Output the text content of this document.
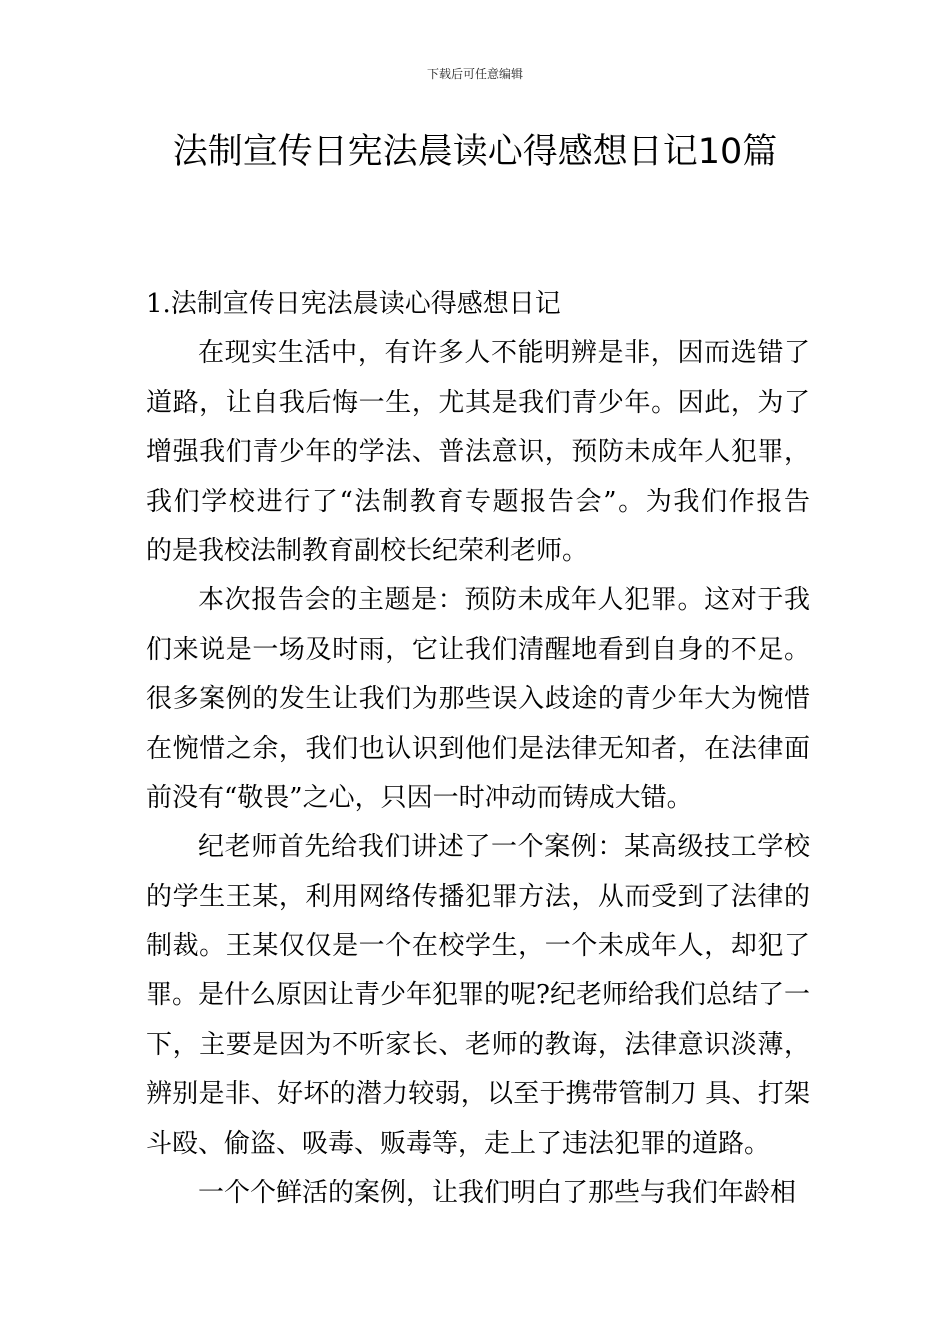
下载后可任意编辑
法制宣传日宪法晨读心得感想日记10篇
1.法制宣传日宪法晨读心得感想日记
在现实生活中，有许多人不能明辨是非，因而选错了
道路，让自我后悔一生，尤其是我们青少年。因此，为了
增强我们青少年的学法、普法意识，预防未成年人犯罪，
我们学校进行了“法制教育专题报告会”。为我们作报告
的是我校法制教育副校长纪荣利老师。
本次报告会的主题是：预防未成年人犯罪。这对于我
们来说是一场及时雨，它让我们清醒地看到自身的不足。
很多案例的发生让我们为那些误入歧途的青少年大为惋惜
在惋惜之余，我们也认识到他们是法律无知者，在法律面
前没有“敬畏”之心，只因一时冲动而铸成大错。
纪老师首先给我们讲述了一个案例：某高级技工学校
的学生王某，利用网络传播犯罪方法，从而受到了法律的
制裁。王某仅仅是一个在校学生，一个未成年人，却犯了
罪。是什么原因让青少年犯罪的呢?纪老师给我们总结了一
下，主要是因为不听家长、老师的教诲，法律意识淡薄，
辨别是非、好坏的潜力较弱，以至于携带管制刀 具、打架
斗殴、偷盗、吸毒、贩毒等，走上了违法犯罪的道路。
一个个鲜活的案例，让我们明白了那些与我们年龄相
